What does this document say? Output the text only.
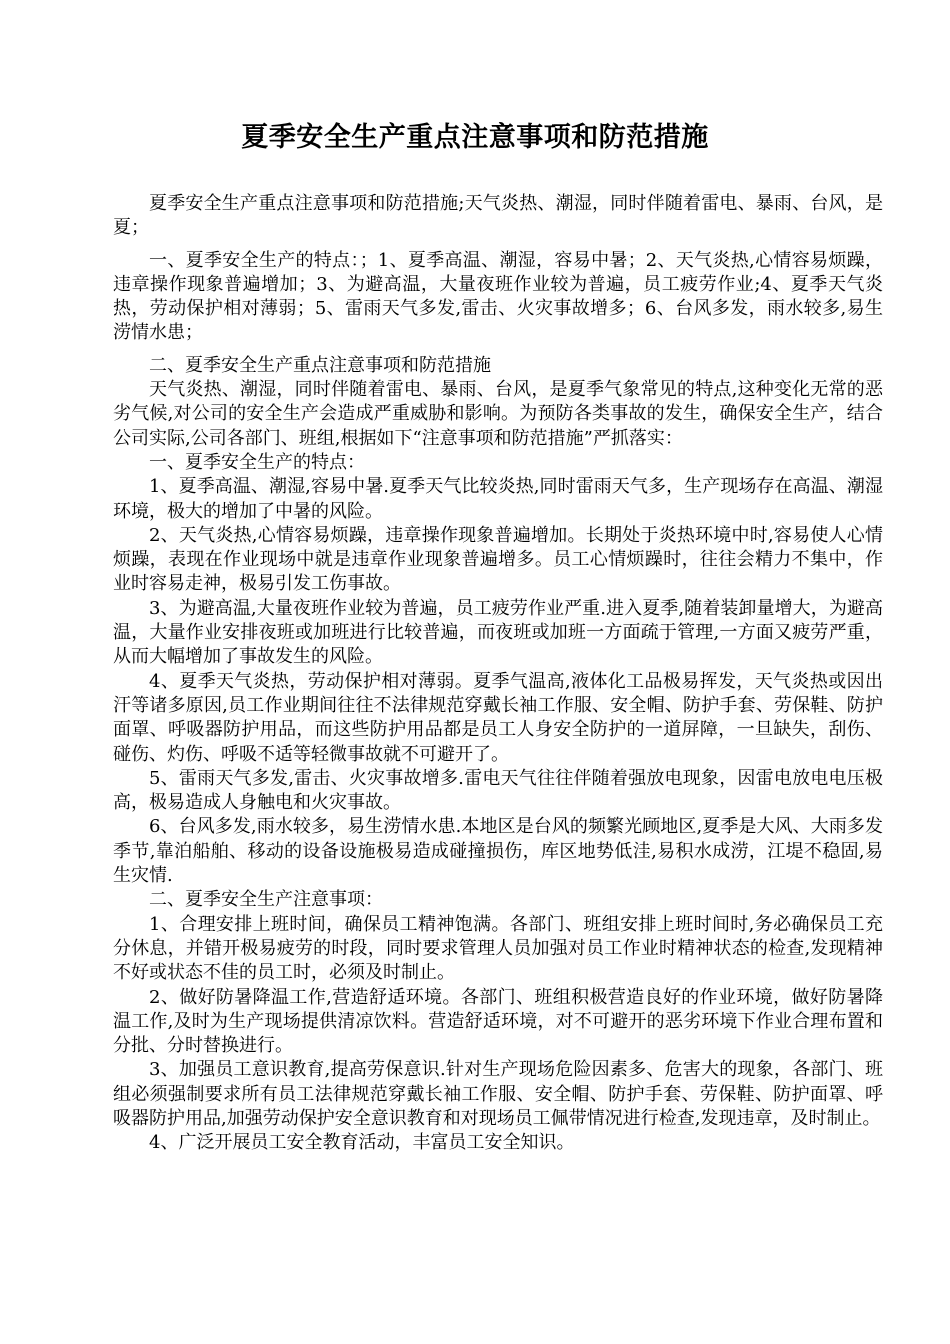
夏季安全生产重点注意事项和防范措施

夏季安全生产重点注意事项和防范措施;天气炎热、潮湿，同时伴随着雷电、暴雨、台风，是夏；

一、夏季安全生产的特点：；1、夏季高温、潮湿，容易中暑；2、天气炎热,心情容易烦躁，违章操作现象普遍增加；3、为避高温，大量夜班作业较为普遍，员工疲劳作业;4、夏季天气炎热，劳动保护相对薄弱；5、雷雨天气多发,雷击、火灾事故增多；6、台风多发，雨水较多,易生涝情水患；

二、夏季安全生产重点注意事项和防范措施

天气炎热、潮湿，同时伴随着雷电、暴雨、台风，是夏季气象常见的特点,这种变化无常的恶劣气候,对公司的安全生产会造成严重威胁和影响。为预防各类事故的发生，确保安全生产，结合公司实际,公司各部门、班组,根据如下“注意事项和防范措施”严抓落实：

一、夏季安全生产的特点：

1、夏季高温、潮湿,容易中暑.夏季天气比较炎热,同时雷雨天气多，生产现场存在高温、潮湿环境，极大的增加了中暑的风险。

2、天气炎热,心情容易烦躁，违章操作现象普遍增加。长期处于炎热环境中时,容易使人心情烦躁，表现在作业现场中就是违章作业现象普遍增多。员工心情烦躁时，往往会精力不集中，作业时容易走神，极易引发工伤事故。

3、为避高温,大量夜班作业较为普遍，员工疲劳作业严重.进入夏季,随着装卸量增大，为避高温，大量作业安排夜班或加班进行比较普遍，而夜班或加班一方面疏于管理,一方面又疲劳严重，从而大幅增加了事故发生的风险。

4、夏季天气炎热，劳动保护相对薄弱。夏季气温高,液体化工品极易挥发，天气炎热或因出汗等诸多原因,员工作业期间往往不法律规范穿戴长袖工作服、安全帽、防护手套、劳保鞋、防护面罩、呼吸器防护用品，而这些防护用品都是员工人身安全防护的一道屏障，一旦缺失，刮伤、碰伤、灼伤、呼吸不适等轻微事故就不可避开了。

5、雷雨天气多发,雷击、火灾事故增多.雷电天气往往伴随着强放电现象，因雷电放电电压极高，极易造成人身触电和火灾事故。

6、台风多发,雨水较多，易生涝情水患.本地区是台风的频繁光顾地区,夏季是大风、大雨多发季节,靠泊船舶、移动的设备设施极易造成碰撞损伤，库区地势低洼,易积水成涝，江堤不稳固,易生灾情.

二、夏季安全生产注意事项：

1、合理安排上班时间，确保员工精神饱满。各部门、班组安排上班时间时,务必确保员工充分休息，并错开极易疲劳的时段，同时要求管理人员加强对员工作业时精神状态的检查,发现精神不好或状态不佳的员工时，必须及时制止。

2、做好防暑降温工作,营造舒适环境。各部门、班组积极营造良好的作业环境，做好防暑降温工作,及时为生产现场提供清凉饮料。营造舒适环境，对不可避开的恶劣环境下作业合理布置和分批、分时替换进行。

3、加强员工意识教育,提高劳保意识.针对生产现场危险因素多、危害大的现象，各部门、班组必须强制要求所有员工法律规范穿戴长袖工作服、安全帽、防护手套、劳保鞋、防护面罩、呼吸器防护用品,加强劳动保护安全意识教育和对现场员工佩带情况进行检查,发现违章，及时制止。

4、广泛开展员工安全教育活动，丰富员工安全知识。
